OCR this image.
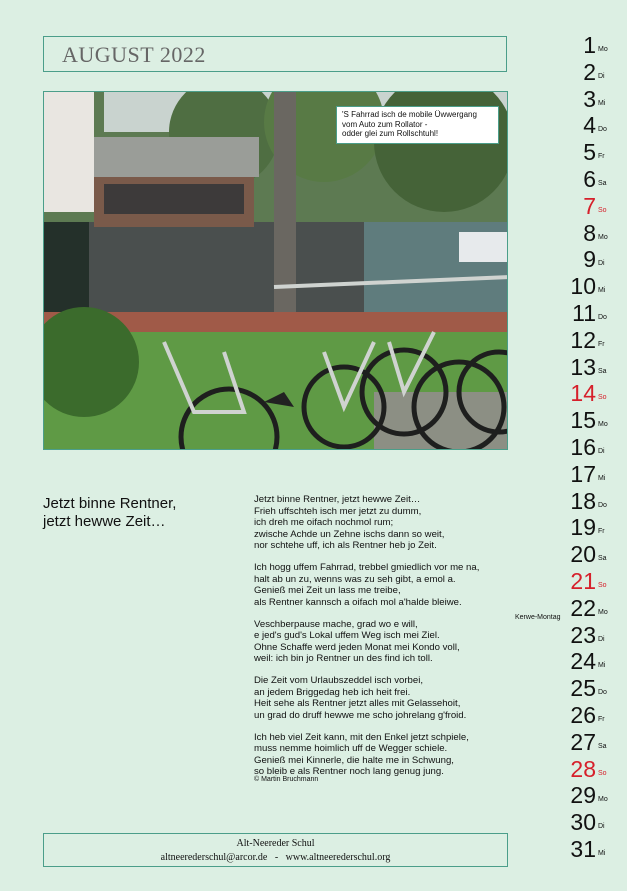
AUGUST 2022
'S Fahrrad isch de mobile Üwwergang
vom Auto zum Rollator -
odder glei zum Rollschtuhl!
Jetzt binne Rentner,
jetzt hewwe Zeit…
Jetzt binne Rentner, jetzt hewwe Zeit…
Frieh uffschteh isch mer jetzt zu dumm,
ich dreh me oifach nochmol rum;
zwische Achde un Zehne ischs dann so weit,
nor schtehe uff, ich als Rentner heb jo Zeit.
Ich hogg uffem Fahrrad, trebbel gmiedlich vor me na,
halt ab un zu, wenns was zu seh gibt, a emol a.
Genieß mei Zeit un lass me treibe,
als Rentner kannsch a oifach mol a'halde bleiwe.
Veschberpause mache, grad wo e will,
e jed's gud's Lokal uffem Weg isch mei Ziel.
Ohne Schaffe werd jeden Monat mei Kondo voll,
weil: ich bin jo Rentner un des find ich toll.
Die Zeit vom Urlaubszeddel isch vorbei,
an jedem Briggedag heb ich heit frei.
Heit sehe als Rentner jetzt alles mit Gelassehoit,
un grad do druff hewwe me scho johrelang g'froid.
Ich heb viel Zeit kann, mit den Enkel jetzt schpiele,
muss nemme hoimlich uff de Wegger schiele.
Genieß mei Kinnerle, die halte me in Schwung,
so bleib e als Rentner noch lang genug jung.
© Martin Bruchmann
Alt-Neereder Schul
altneerederschul@arcor.de - www.altneerederschul.org
1 Mo
2 Di
3 Mi
4 Do
5 Fr
6 Sa
7 So
8 Mo
9 Di
10 Mi
11 Do
12 Fr
13 Sa
14 So
15 Mo
16 Di
17 Mi
18 Do
19 Fr
20 Sa
21 So
22 Mo
23 Di
24 Mi
25 Do
26 Fr
27 Sa
28 So
29 Mo
30 Di
31 Mi
Kerwe-Montag
